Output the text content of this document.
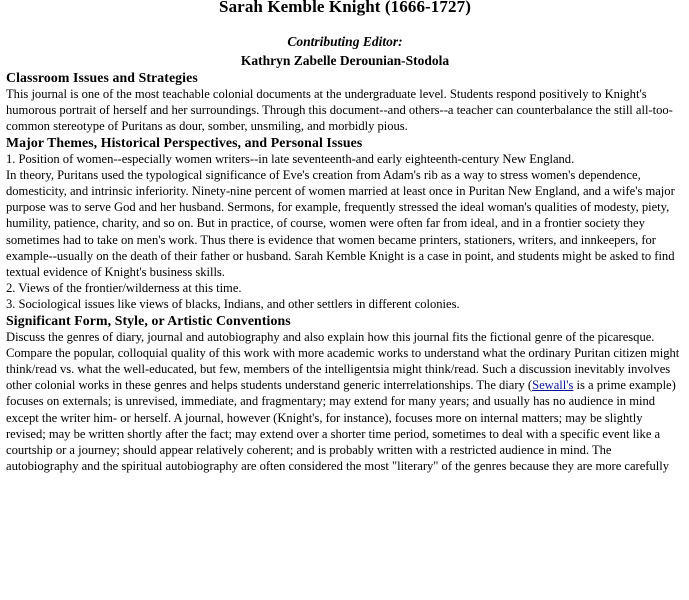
Sarah Kemble Knight (1666-1727)
Contributing Editor:
Kathryn Zabelle Derounian-Stodola
Classroom Issues and Strategies

This journal is one of the most teachable colonial documents at the undergraduate level. Students respond positively to Knight's humorous portrait of herself and her surroundings. Through this document--and others--a teacher can counterbalance the still all-too-common stereotype of Puritans as dour, somber, unsmiling, and morbidly pious.

Major Themes, Historical Perspectives, and Personal Issues

1. Position of women--especially women writers--in late seventeenth-and early eighteenth-century New England.

In theory, Puritans used the typological significance of Eve's creation from Adam's rib as a way to stress women's dependence, domesticity, and intrinsic inferiority. Ninety-nine percent of women married at least once in Puritan New England, and a wife's major purpose was to serve God and her husband. Sermons, for example, frequently stressed the ideal woman's qualities of modesty, piety, humility, patience, charity, and so on. But in practice, of course, women were often far from ideal, and in a frontier society they sometimes had to take on men's work. Thus there is evidence that women became printers, stationers, writers, and innkeepers, for example--usually on the death of their father or husband. Sarah Kemble Knight is a case in point, and students might be asked to find textual evidence of Knight's business skills.

2. Views of the frontier/wilderness at this time.

3. Sociological issues like views of blacks, Indians, and other settlers in different colonies.

Significant Form, Style, or Artistic Conventions

Discuss the genres of diary, journal and autobiography and also explain how this journal fits the fictional genre of the picaresque. Compare the popular, colloquial quality of this work with more academic works to understand what the ordinary Puritan citizen might think/read vs. what the well-educated, but few, members of the intelligentsia might think/read. Such a discussion inevitably involves other colonial works in these genres and helps students understand generic interrelationships. The diary (Sewall's is a prime example) focuses on externals; is unrevised, immediate, and fragmentary; may extend for many years; and usually has no audience in mind except the writer him- or herself. A journal, however (Knight's, for instance), focuses more on internal matters; may be slightly revised; may be written shortly after the fact; may extend over a shorter time period, sometimes to deal with a specific event like a courtship or a journey; should appear relatively coherent; and is probably written with a restricted audience in mind. The autobiography and the spiritual autobiography are often considered the most "literary" of the genres because they are more carefully
